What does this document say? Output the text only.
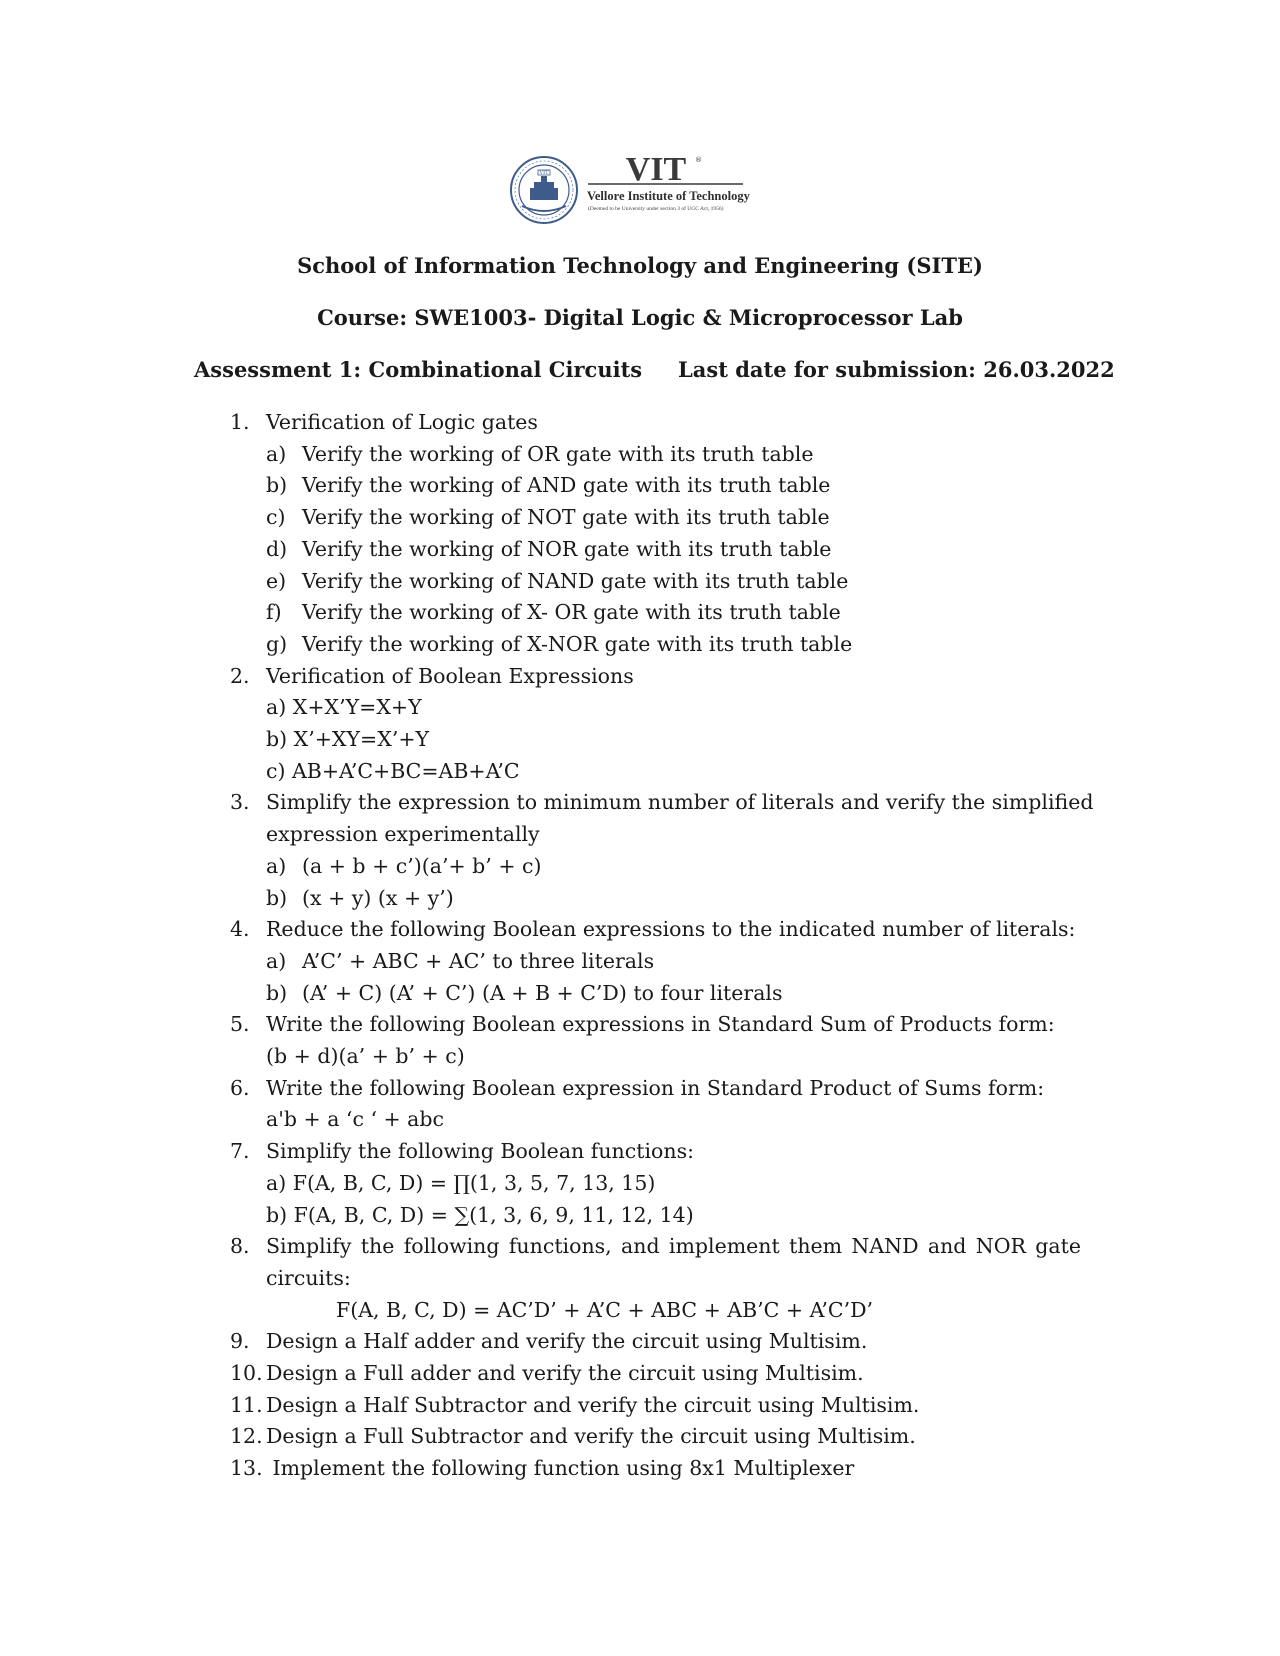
VIT VIT ®
Vellore Institute of Technology
(Deemed to be University under section 3 of UGC Act, 1956)
School of Information Technology and Engineering (SITE)
Course: SWE1003- Digital Logic & Microprocessor Lab
Assessment 1: Combinational Circuits Last date for submission: 26.03.2022
1. Verification of Logic gates
a) Verify the working of OR gate with its truth table
b) Verify the working of AND gate with its truth table
c) Verify the working of NOT gate with its truth table
d) Verify the working of NOR gate with its truth table
e) Verify the working of NAND gate with its truth table
f) Verify the working of X- OR gate with its truth table
g) Verify the working of X-NOR gate with its truth table
2. Verification of Boolean Expressions
a) X+X’Y=X+Y
b) X’+XY=X’+Y
c) AB+A’C+BC=AB+A’C
3. Simplify the expression to minimum number of literals and verify the simplified
expression experimentally
a) (a + b + c’)(a’+ b’ + c)
b) (x + y) (x + y’)
4. Reduce the following Boolean expressions to the indicated number of literals:
a) A’C’ + ABC + AC’ to three literals
b) (A’ + C) (A’ + C’) (A + B + C’D) to four literals
5. Write the following Boolean expressions in Standard Sum of Products form:
(b + d)(a’ + b’ + c)
6. Write the following Boolean expression in Standard Product of Sums form:
a'b + a ‘c ‘ + abc
7. Simplify the following Boolean functions:
a) F(A, B, C, D) = ∏(1, 3, 5, 7, 13, 15)
b) F(A, B, C, D) = ∑(1, 3, 6, 9, 11, 12, 14)
8. Simplify the following functions, and implement them NAND and NOR gate
circuits:
F(A, B, C, D) = AC’D’ + A’C + ABC + AB’C + A’C’D’
9. Design a Half adder and verify the circuit using Multisim.
10. Design a Full adder and verify the circuit using Multisim.
11. Design a Half Subtractor and verify the circuit using Multisim.
12. Design a Full Subtractor and verify the circuit using Multisim.
13. Implement the following function using 8x1 Multiplexer
